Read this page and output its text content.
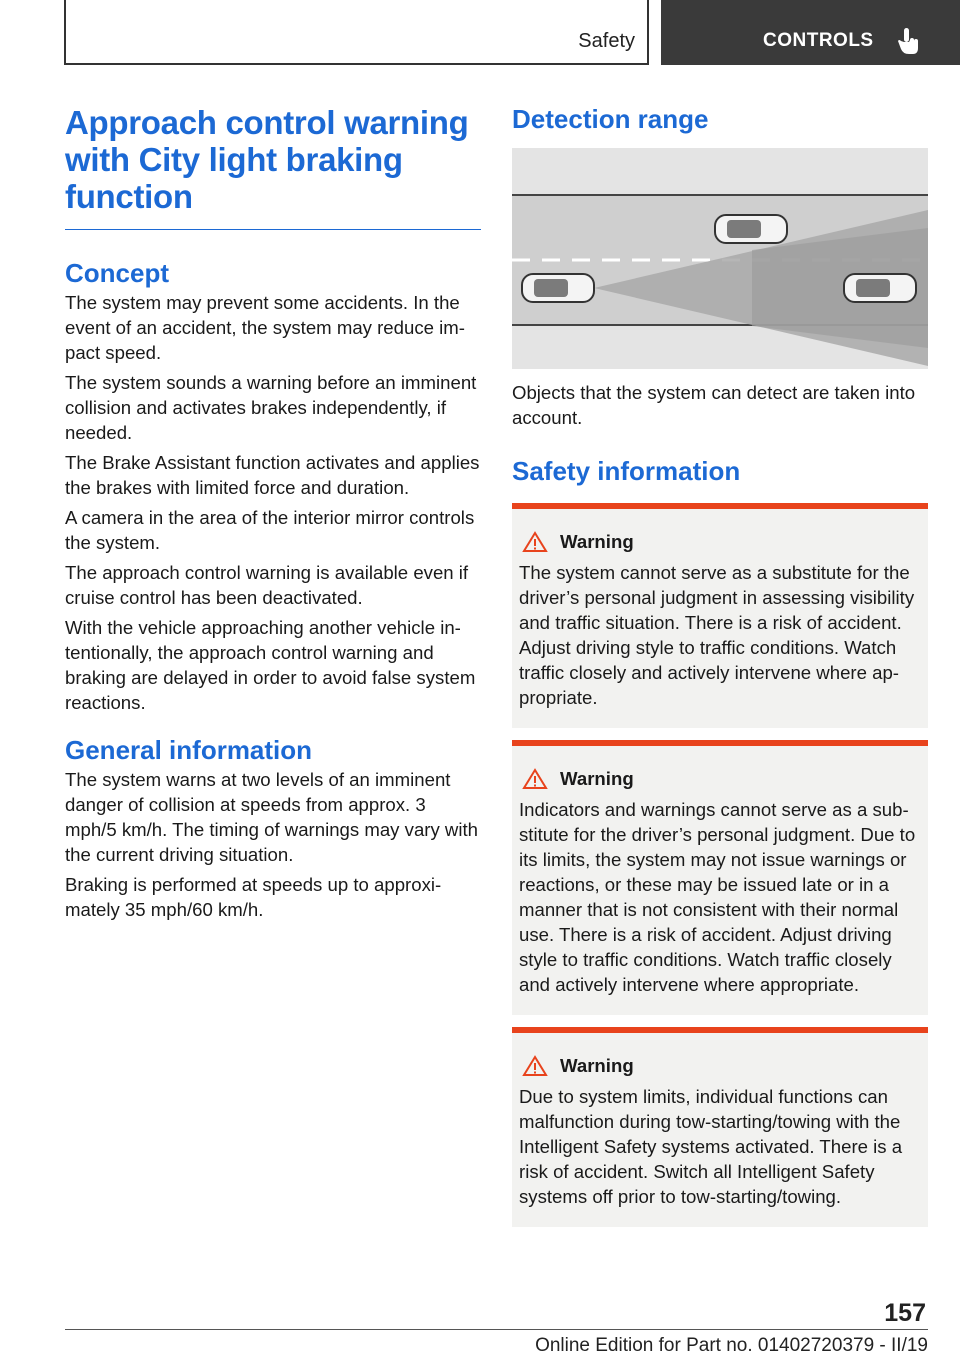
Safety	CONTROLS
Approach control warning with City light braking function
Concept

The system may prevent some accidents. In the event of an accident, the system may reduce impact speed.

The system sounds a warning before an imminent collision and activates brakes independently, if needed.

The Brake Assistant function activates and applies the brakes with limited force and duration.

A camera in the area of the interior mirror controls the system.

The approach control warning is available even if cruise control has been deactivated.

With the vehicle approaching another vehicle intentionally, the approach control warning and braking are delayed in order to avoid false system reactions.

General information

The system warns at two levels of an imminent danger of collision at speeds from approx. 3 mph/5 km/h. The timing of warnings may vary with the current driving situation.

Braking is performed at speeds up to approximately 35 mph/60 km/h.

Detection range

Objects that the system can detect are taken into account.

Safety information
Warning

The system cannot serve as a substitute for the driver’s personal judgment in assessing visibility and traffic situation. There is a risk of accident. Adjust driving style to traffic conditions. Watch traffic closely and actively intervene where appropriate.

Warning

Indicators and warnings cannot serve as a substitute for the driver’s personal judgment. Due to its limits, the system may not issue warnings or reactions, or these may be issued late or in a manner that is not consistent with their normal use. There is a risk of accident. Adjust driving style to traffic conditions. Watch traffic closely and actively intervene where appropriate.

Warning

Due to system limits, individual functions can malfunction during tow-starting/towing with the Intelligent Safety systems activated. There is a risk of accident. Switch all Intelligent Safety systems off prior to tow-starting/towing.

157
Online Edition for Part no. 01402720379 - II/19
